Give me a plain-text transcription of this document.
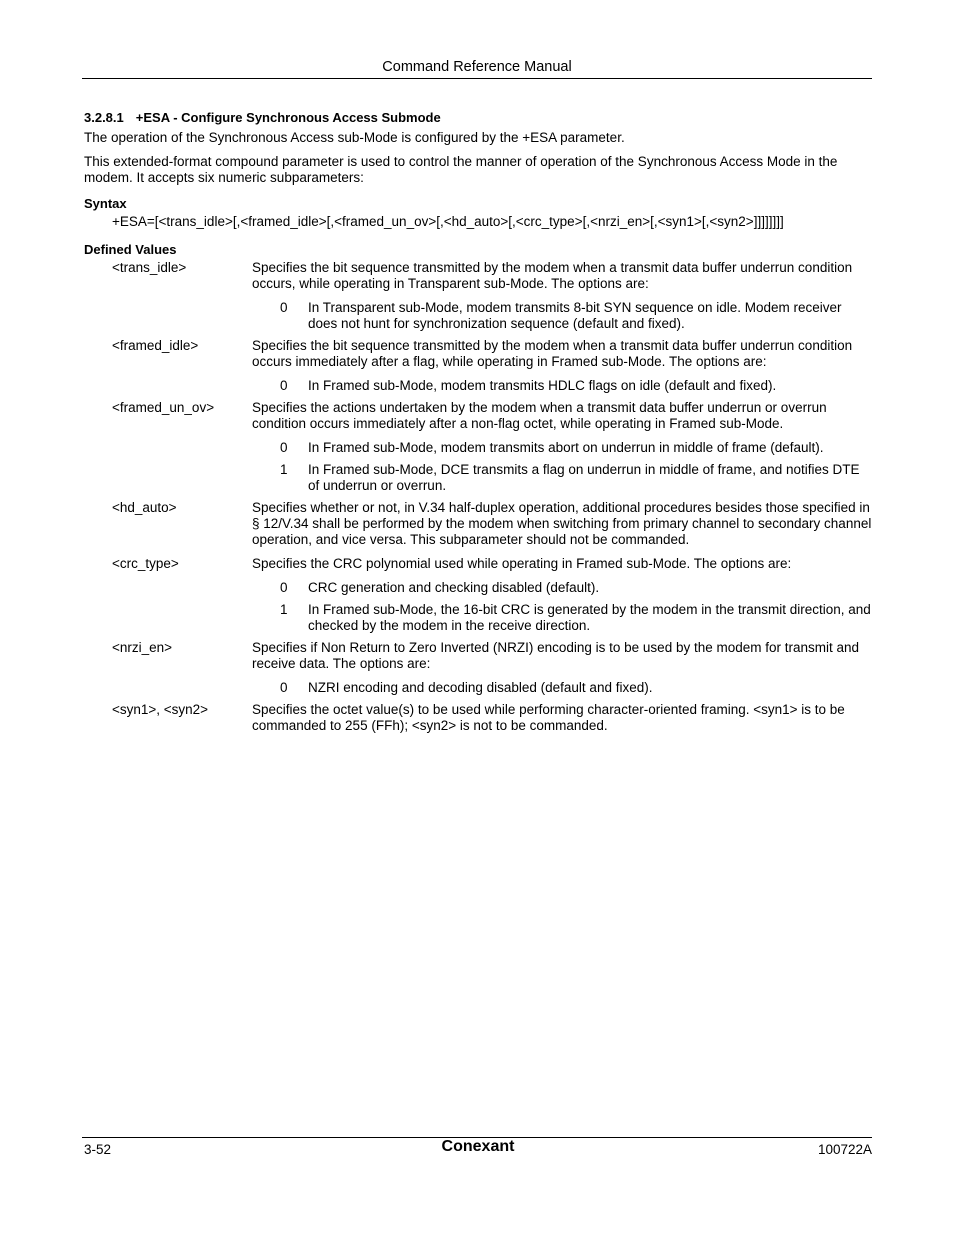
Command Reference Manual
3.2.8.1 +ESA - Configure Synchronous Access Submode

The operation of the Synchronous Access sub-Mode is configured by the +ESA parameter.

This extended-format compound parameter is used to control the manner of operation of the Synchronous Access Mode in the modem. It accepts six numeric subparameters:

Syntax
+ESA=[<trans_idle>[,<framed_idle>[,<framed_un_ov>[,<hd_auto>[,<crc_type>[,<nrzi_en>[,<syn1>[,<syn2>]]]]]]]]
Defined Values
<trans_idle>	Specifies the bit sequence transmitted by the modem when a transmit data buffer underrun condition occurs, while operating in Transparent sub-Mode. The options are:
0	In Transparent sub-Mode, modem transmits 8-bit SYN sequence on idle. Modem receiver does not hunt for synchronization sequence (default and fixed).
<framed_idle>	Specifies the bit sequence transmitted by the modem when a transmit data buffer underrun condition occurs immediately after a flag, while operating in Framed sub-Mode. The options are:
0	In Framed sub-Mode, modem transmits HDLC flags on idle (default and fixed).
<framed_un_ov>	Specifies the actions undertaken by the modem when a transmit data buffer underrun or overrun condition occurs immediately after a non-flag octet, while operating in Framed sub-Mode.
0	In Framed sub-Mode, modem transmits abort on underrun in middle of frame (default).
1	In Framed sub-Mode, DCE transmits a flag on underrun in middle of frame, and notifies DTE of underrun or overrun.
<hd_auto>	Specifies whether or not, in V.34 half-duplex operation, additional procedures besides those specified in § 12/V.34 shall be performed by the modem when switching from primary channel to secondary channel operation, and vice versa. This subparameter should not be commanded.
<crc_type>	Specifies the CRC polynomial used while operating in Framed sub-Mode. The options are:
0	CRC generation and checking disabled (default).
1	In Framed sub-Mode, the 16-bit CRC is generated by the modem in the transmit direction, and checked by the modem in the receive direction.
<nrzi_en>	Specifies if Non Return to Zero Inverted (NRZI) encoding is to be used by the modem for transmit and receive data. The options are:
0	NZRI encoding and decoding disabled (default and fixed).
<syn1>, <syn2>	Specifies the octet value(s) to be used while performing character-oriented framing. <syn1> is to be commanded to 255 (FFh); <syn2> is not to be commanded.
3-52	Conexant	100722A
